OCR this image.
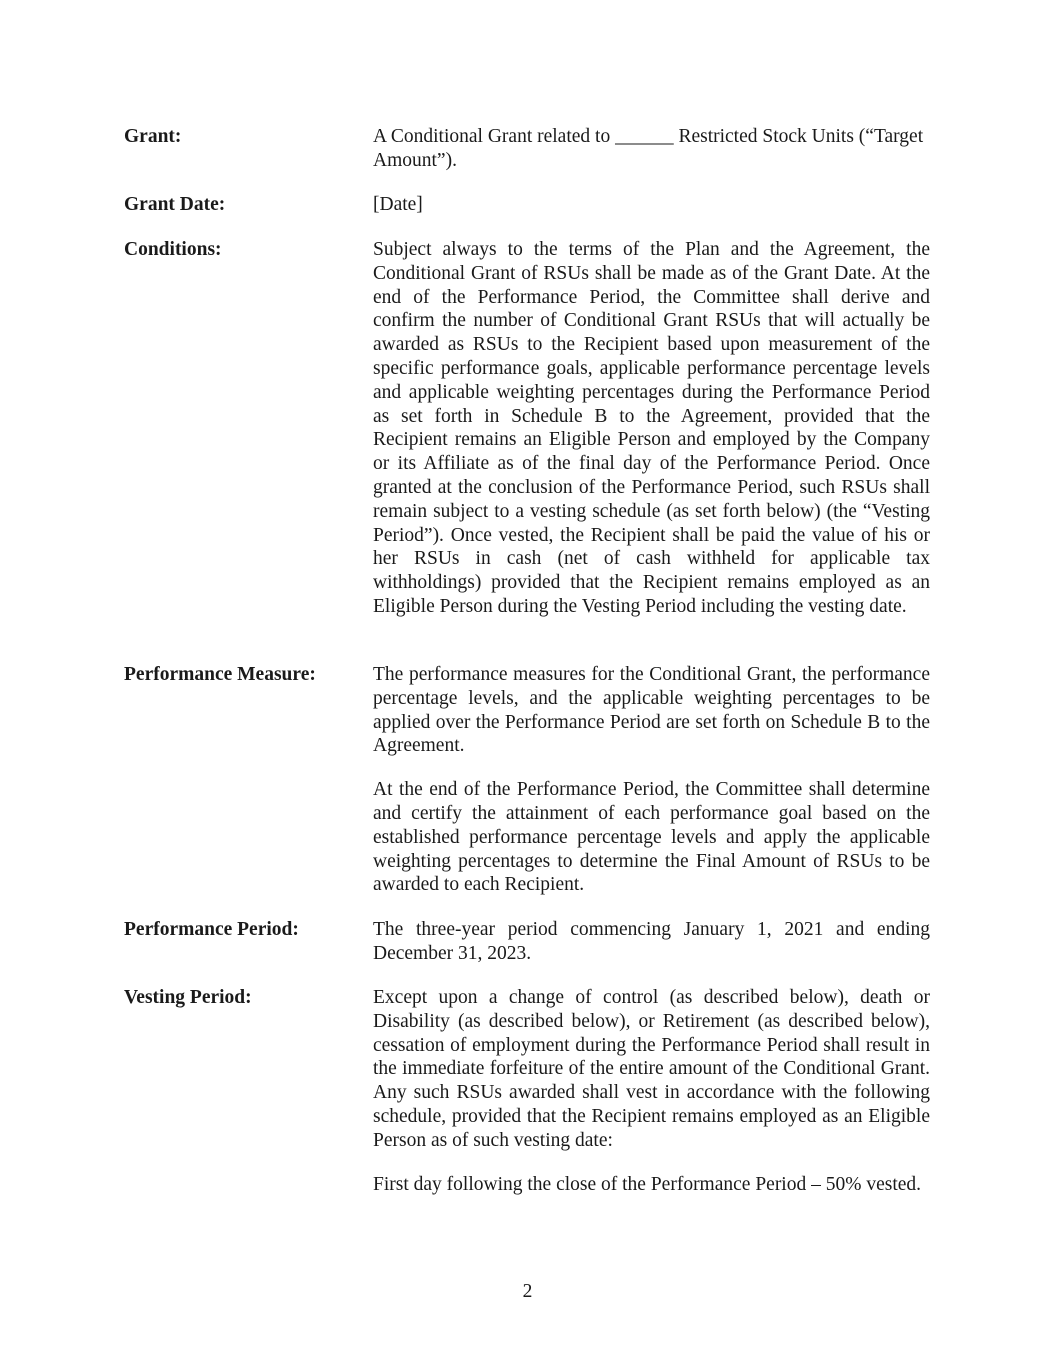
Grant:	A Conditional Grant related to ______ Restricted Stock Units (“Target Amount”).

Grant Date:	[Date]

Conditions:	Subject always to the terms of the Plan and the Agreement, the Conditional Grant of RSUs shall be made as of the Grant Date. At the end of the Performance Period, the Committee shall derive and confirm the number of Conditional Grant RSUs that will actually be awarded as RSUs to the Recipient based upon measurement of the specific performance goals, applicable performance percentage levels and applicable weighting percentages during the Performance Period as set forth in Schedule B to the Agreement, provided that the Recipient remains an Eligible Person and employed by the Company or its Affiliate as of the final day of the Performance Period. Once granted at the conclusion of the Performance Period, such RSUs shall remain subject to a vesting schedule (as set forth below) (the “Vesting Period”). Once vested, the Recipient shall be paid the value of his or her RSUs in cash (net of cash withheld for applicable tax withholdings) provided that the Recipient remains employed as an Eligible Person during the Vesting Period including the vesting date.

Performance Measure:	The performance measures for the Conditional Grant, the performance percentage levels, and the applicable weighting percentages to be applied over the Performance Period are set forth on Schedule B to the Agreement.

At the end of the Performance Period, the Committee shall determine and certify the attainment of each performance goal based on the established performance percentage levels and apply the applicable weighting percentages to determine the Final Amount of RSUs to be awarded to each Recipient.

Performance Period:	The three-year period commencing January 1, 2021 and ending December 31, 2023.

Vesting Period:	Except upon a change of control (as described below), death or Disability (as described below), or Retirement (as described below), cessation of employment during the Performance Period shall result in the immediate forfeiture of the entire amount of the Conditional Grant. Any such RSUs awarded shall vest in accordance with the following schedule, provided that the Recipient remains employed as an Eligible Person as of such vesting date:

First day following the close of the Performance Period – 50% vested.

2
